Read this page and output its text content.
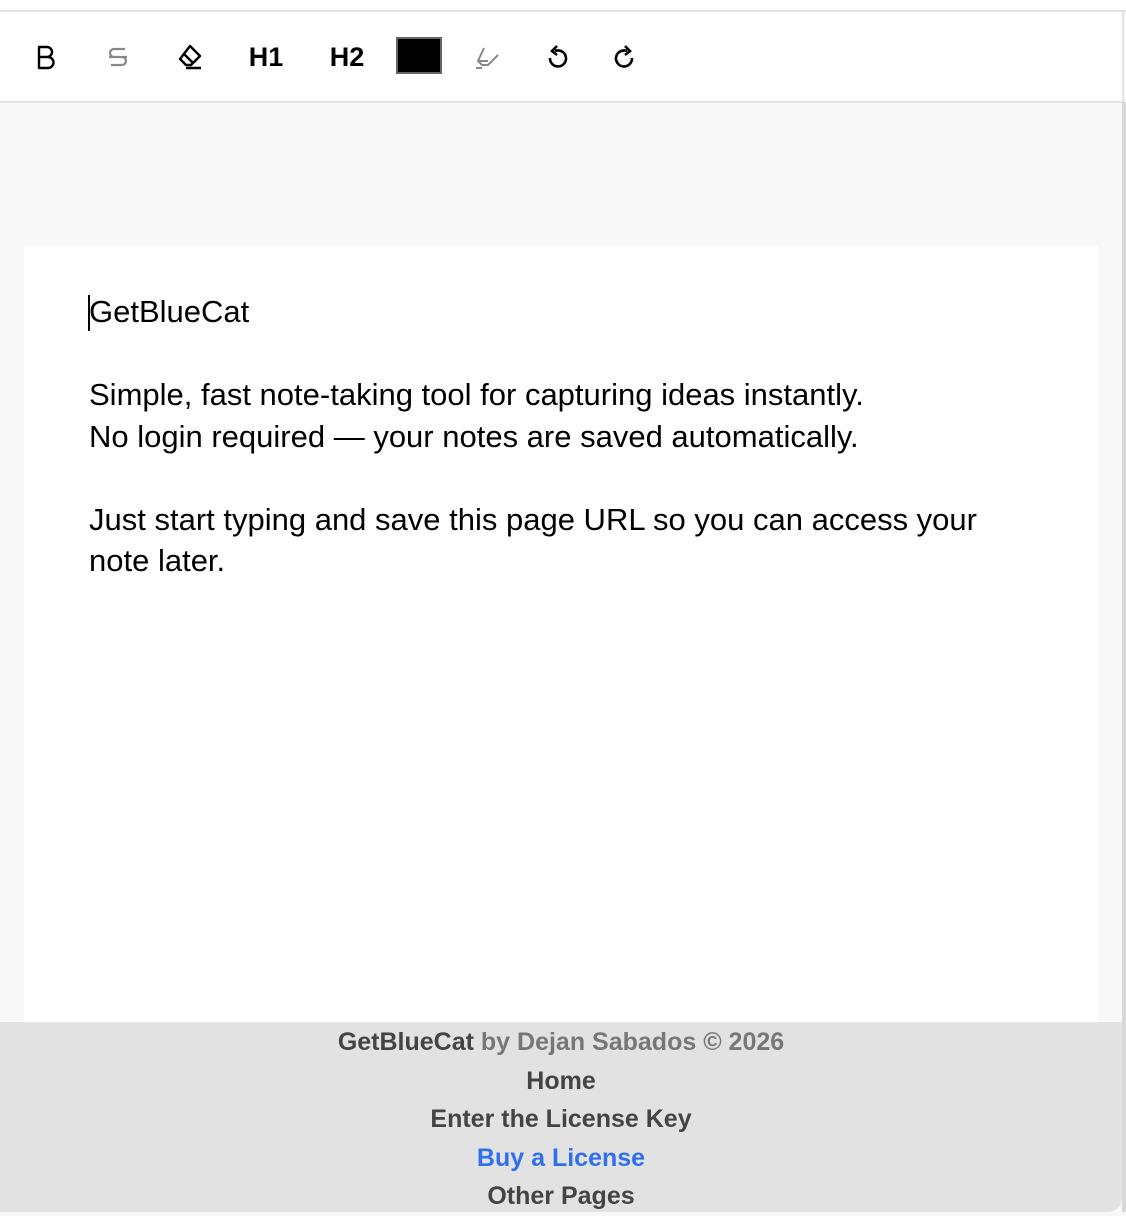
H1 H2

GetBlueCat

Simple, fast note-taking tool for capturing ideas instantly.

No login required — your notes are saved automatically.

Just start typing and save this page URL so you can access your note later.

GetBlueCat by Dejan Sabados © 2026
Home
Enter the License Key
Buy a License
Other Pages
